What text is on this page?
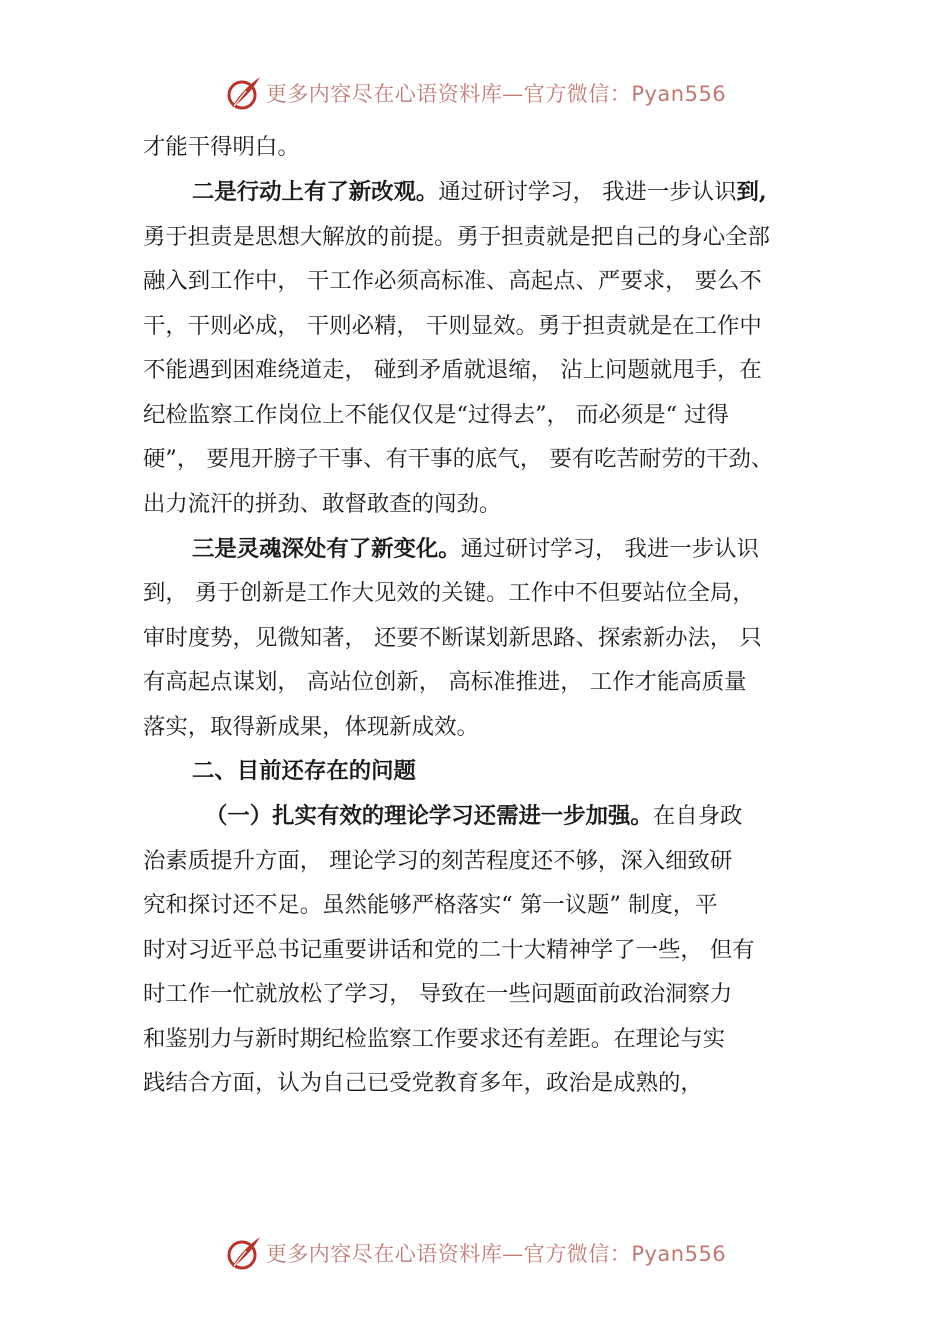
更多内容尽在心语资料库—官方微信：Pyan556
才能干得明白。
二是行动上有了新改观。通过研讨学习， 我进一步认识到,
勇于担责是思想大解放的前提。勇于担责就是把自己的身心全部
融入到工作中， 干工作必须高标准、高起点、严要求， 要么不
干，干则必成， 干则必精， 干则显效。勇于担责就是在工作中
不能遇到困难绕道走， 碰到矛盾就退缩， 沾上问题就甩手，在
纪检监察工作岗位上不能仅仅是“过得去”， 而必须是“ 过得
硬”， 要甩开膀子干事、有干事的底气， 要有吃苦耐劳的干劲、
出力流汗的拼劲、敢督敢查的闯劲。
三是灵魂深处有了新变化。通过研讨学习， 我进一步认识
到， 勇于创新是工作大见效的关键。工作中不但要站位全局，
审时度势，见微知著， 还要不断谋划新思路、探索新办法， 只
有高起点谋划， 高站位创新， 高标准推进， 工作才能高质量
落实，取得新成果，体现新成效。
二、目前还存在的问题
（一）扎实有效的理论学习还需进一步加强。在自身政
治素质提升方面， 理论学习的刻苦程度还不够，深入细致研
究和探讨还不足。虽然能够严格落实“ 第一议题” 制度，平
时对习近平总书记重要讲话和党的二十大精神学了一些， 但有
时工作一忙就放松了学习， 导致在一些问题面前政治洞察力
和鉴别力与新时期纪检监察工作要求还有差距。在理论与实
践结合方面，认为自己已受党教育多年，政治是成熟的，
更多内容尽在心语资料库—官方微信：Pyan556
